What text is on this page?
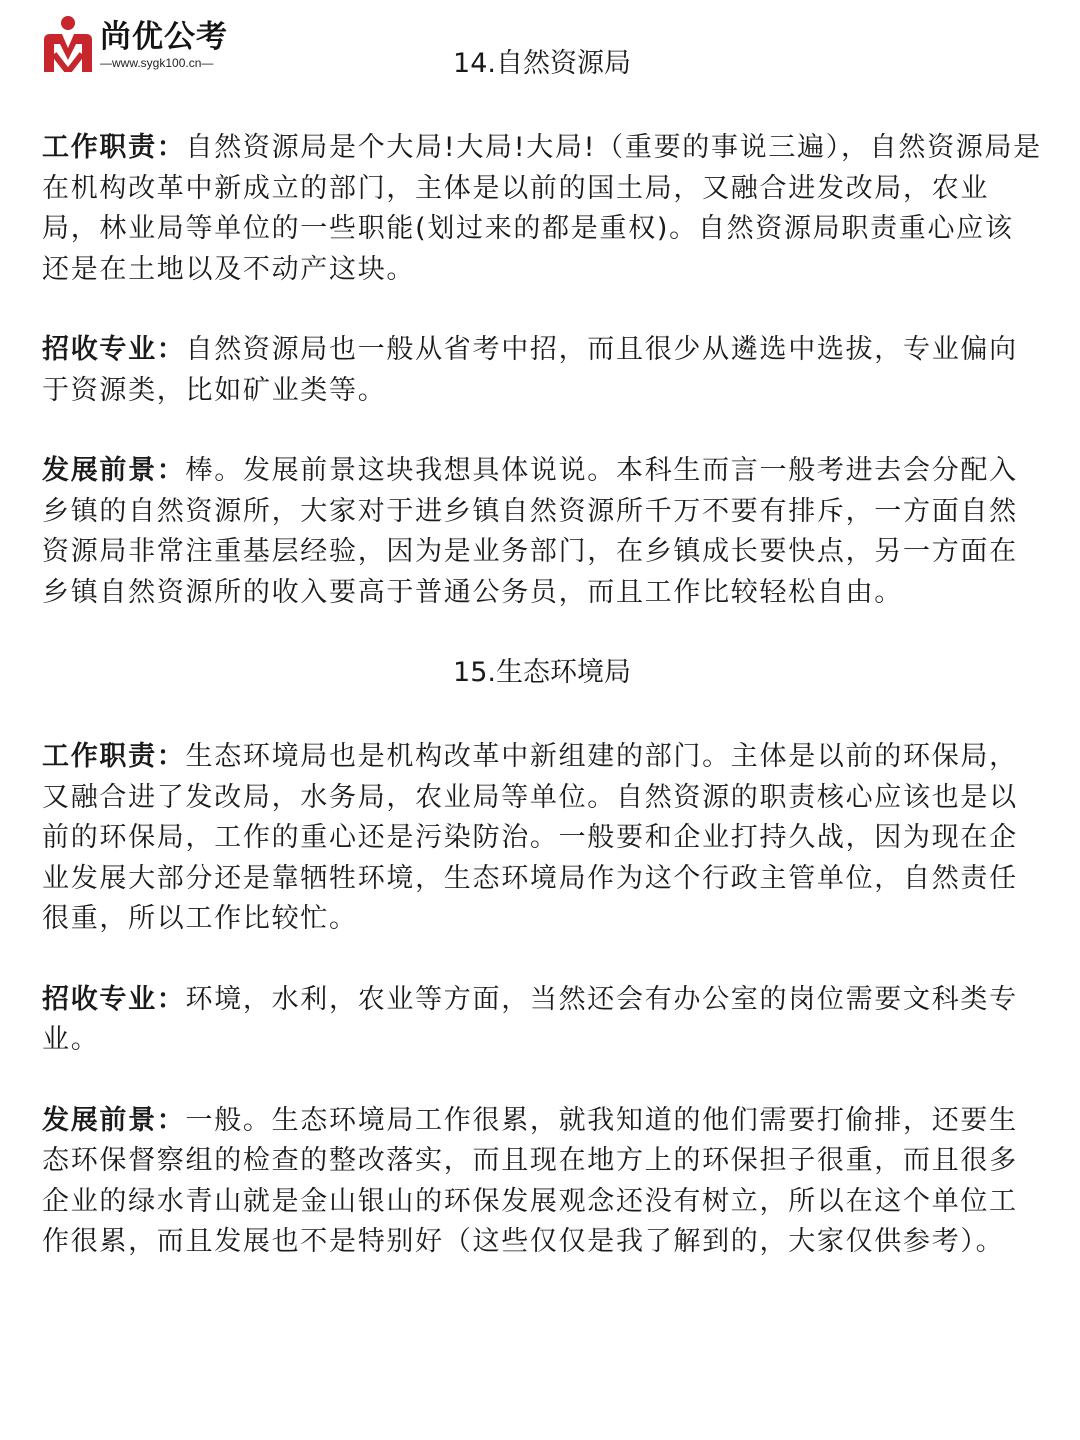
尚优公考
—www.sygk100.cn—	14.自然资源局

工作职责：自然资源局是个大局!大局!大局!（重要的事说三遍），自然资源局是在机构改革中新成立的部门，主体是以前的国土局，又融合进发改局，农业局，林业局等单位的一些职能(划过来的都是重权)。自然资源局职责重心应该还是在土地以及不动产这块。

招收专业：自然资源局也一般从省考中招，而且很少从遴选中选拔，专业偏向于资源类，比如矿业类等。

发展前景：棒。发展前景这块我想具体说说。本科生而言一般考进去会分配入乡镇的自然资源所，大家对于进乡镇自然资源所千万不要有排斥，一方面自然资源局非常注重基层经验，因为是业务部门，在乡镇成长要快点，另一方面在乡镇自然资源所的收入要高于普通公务员，而且工作比较轻松自由。

15.生态环境局

工作职责：生态环境局也是机构改革中新组建的部门。主体是以前的环保局，又融合进了发改局，水务局，农业局等单位。自然资源的职责核心应该也是以前的环保局，工作的重心还是污染防治。一般要和企业打持久战，因为现在企业发展大部分还是靠牺牲环境，生态环境局作为这个行政主管单位，自然责任很重，所以工作比较忙。

招收专业：环境，水利，农业等方面，当然还会有办公室的岗位需要文科类专业。

发展前景：一般。生态环境局工作很累，就我知道的他们需要打偷排，还要生态环保督察组的检查的整改落实，而且现在地方上的环保担子很重，而且很多企业的绿水青山就是金山银山的环保发展观念还没有树立，所以在这个单位工作很累，而且发展也不是特别好（这些仅仅是我了解到的，大家仅供参考）。
